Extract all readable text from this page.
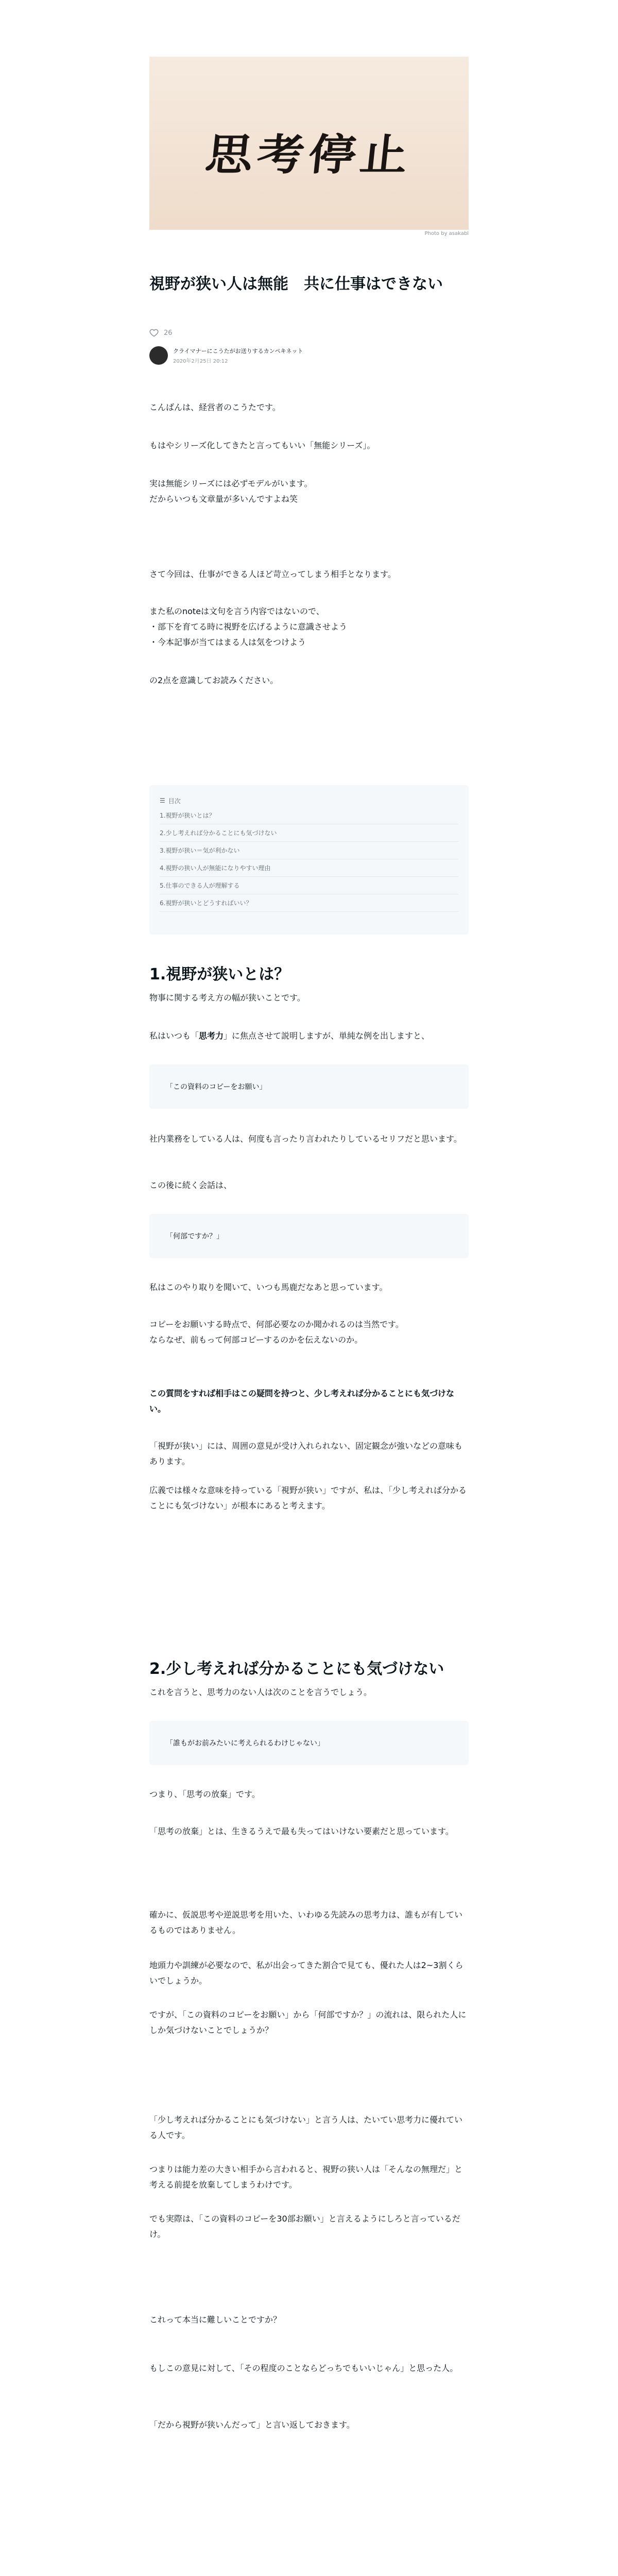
思考停止
Photo by asakabl
視野が狭い人は無能　共に仕事はできない
26
クライマナーにこうたがお送りするカンペキネット
2020年2月25日 20:12

こんばんは、経営者のこうたです。

もはやシリーズ化してきたと言ってもいい「無能シリーズ」。

実は無能シリーズには必ずモデルがいます。

だからいつも文章量が多いんですよね笑

さて今回は、仕事ができる人ほど苛立ってしまう相手となります。

また私のnoteは文句を言う内容ではないので、

・部下を育てる時に視野を広げるように意識させよう

・今本記事が当てはまる人は気をつけよう

の2点を意識してお読みください。

☰ 目次
1.視野が狭いとは？
2.少し考えれば分かることにも気づけない
3.視野が狭い＝気が利かない
4.視野の狭い人が無能になりやすい理由
5.仕事のできる人が理解する
6.視野が狭いとどうすればいい？
1.視野が狭いとは？

物事に関する考え方の幅が狭いことです。

私はいつも「思考力」に焦点させて説明しますが、単純な例を出しますと、

「この資料のコピーをお願い」

社内業務をしている人は、何度も言ったり言われたりしているセリフだと思います。

この後に続く会話は、

「何部ですか？」

私はこのやり取りを聞いて、いつも馬鹿だなあと思っています。

コピーをお願いする時点で、何部必要なのか聞かれるのは当然です。

ならなぜ、前もって何部コピーするのかを伝えないのか。

この質問をすれば相手はこの疑問を持つと、少し考えれば分かることにも気づけない。

「視野が狭い」には、周囲の意見が受け入れられない、固定観念が強いなどの意味もあります。

広義では様々な意味を持っている「視野が狭い」ですが、私は、「少し考えれば分かることにも気づけない」が根本にあると考えます。

2.少し考えれば分かることにも気づけない

これを言うと、思考力のない人は次のことを言うでしょう。

「誰もがお前みたいに考えられるわけじゃない」

つまり、「思考の放棄」です。

「思考の放棄」とは、生きるうえで最も失ってはいけない要素だと思っています。

確かに、仮説思考や逆説思考を用いた、いわゆる先読みの思考力は、誰もが有しているものではありません。

地頭力や訓練が必要なので、私が出会ってきた割合で見ても、優れた人は2~3割くらいでしょうか。

ですが、「この資料のコピーをお願い」から「何部ですか？」の流れは、限られた人にしか気づけないことでしょうか？

「少し考えれば分かることにも気づけない」と言う人は、たいてい思考力に優れている人です。

つまりは能力差の大きい相手から言われると、視野の狭い人は「そんなの無理だ」と考える前提を放棄してしまうわけです。

でも実際は、「この資料のコピーを30部お願い」と言えるようにしろと言っているだけ。

これって本当に難しいことですか？

もしこの意見に対して、「その程度のことならどっちでもいいじゃん」と思った人。

「だから視野が狭いんだって」と言い返しておきます。
